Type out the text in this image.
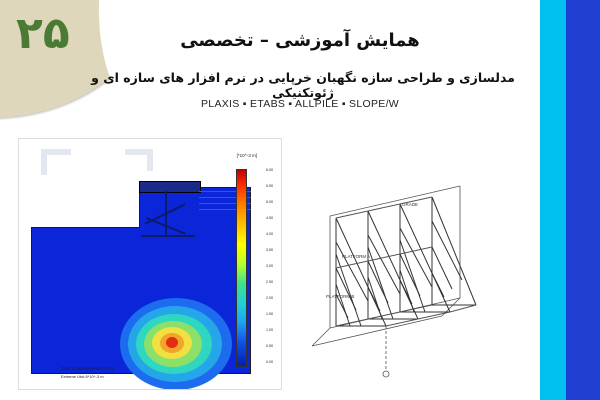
۲۵	همایش آموزشی – تخصصی
مدلسازی و طراحی سازه نگهبان خرپایی در نرم افزار های سازه ای و ژئوتکنیکی
PLAXIS ▪ ETABS ▪ ALLPILE ▪ SLOPE/W
Total displacements (Utot)
Extreme Utot 6*10^-3 m
[*10^-3 m]
6.00
5.50
5.00
4.50
4.00
3.50
3.00
2.50
2.00
1.50
1.00
0.50
0.00
GRADE
PLATFORM A
PLATFORM B
